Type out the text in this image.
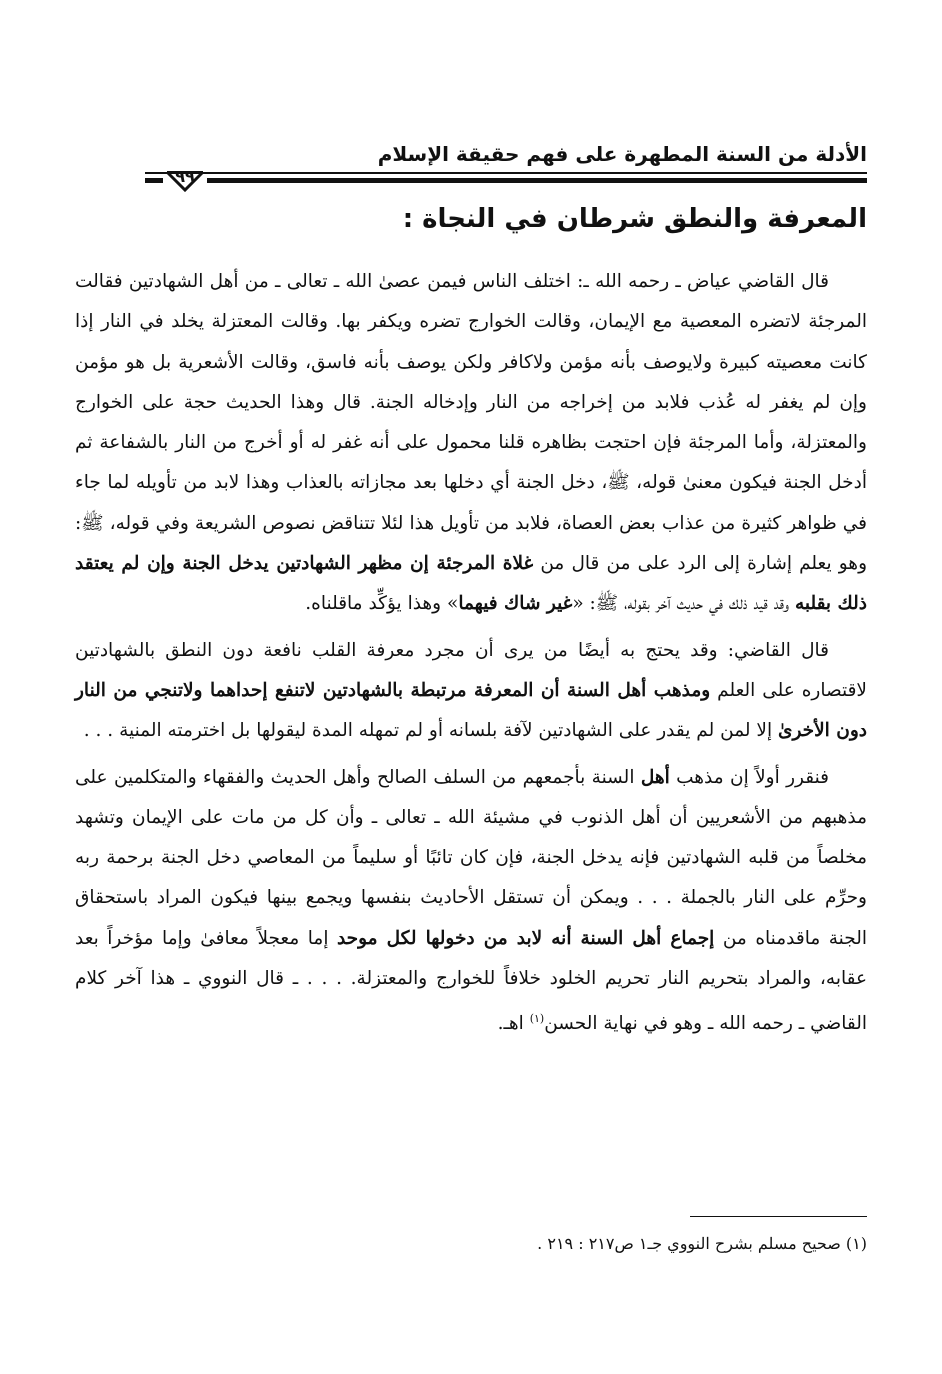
الأدلة من السنة المطهرة على فهم حقيقة الإسلام
٩٩
المعرفة والنطق شرطان في النجاة :

قال القاضي عياض ـ رحمه الله ـ: اختلف الناس فيمن عصىٰ الله ـ تعالى ـ من أهل الشهادتين فقالت المرجئة لاتضره المعصية مع الإيمان، وقالت الخوارج تضره ويكفر بها. وقالت المعتزلة يخلد في النار إذا كانت معصيته كبيرة ولايوصف بأنه مؤمن ولاكافر ولكن يوصف بأنه فاسق، وقالت الأشعرية بل هو مؤمن وإن لم يغفر له عُذب فلابد من إخراجه من النار وإدخاله الجنة. قال وهذا الحديث حجة على الخوارج والمعتزلة، وأما المرجئة فإن احتجت بظاهره قلنا محمول على أنه غفر له أو أخرج من النار بالشفاعة ثم أدخل الجنة فيكون معنىٰ قوله، ﷺ، دخل الجنة أي دخلها بعد مجازاته بالعذاب وهذا لابد من تأويله لما جاء في ظواهر كثيرة من عذاب بعض العصاة، فلابد من تأويل هذا لئلا تتناقض نصوص الشريعة وفي قوله، ﷺ: وهو يعلم إشارة إلى الرد على من قال من غلاة المرجئة إن مظهر الشهادتين يدخل الجنة وإن لم يعتقد ذلك بقلبه وقد قيد ذلك في حديث آخر بقوله، ﷺ: «غير شاك فيهما» وهذا يؤكِّد ماقلناه.

قال القاضي: وقد يحتج به أيضًا من يرى أن مجرد معرفة القلب نافعة دون النطق بالشهادتين لاقتصاره على العلم ومذهب أهل السنة أن المعرفة مرتبطة بالشهادتين لاتنفع إحداهما ولاتنجي من النار دون الأخرىٰ إلا لمن لم يقدر على الشهادتين لآفة بلسانه أو لم تمهله المدة ليقولها بل اخترمته المنية . . .

فنقرر أولاً إن مذهب أهل السنة بأجمعهم من السلف الصالح وأهل الحديث والفقهاء والمتكلمين على مذهبهم من الأشعريين أن أهل الذنوب في مشيئة الله ـ تعالى ـ وأن كل من مات على الإيمان وتشهد مخلصاً من قلبه الشهادتين فإنه يدخل الجنة، فإن كان تائبًا أو سليماً من المعاصي دخل الجنة برحمة ربه وحرِّم على النار بالجملة . . . ويمكن أن تستقل الأحاديث بنفسها ويجمع بينها فيكون المراد باستحقاق الجنة ماقدمناه من إجماع أهل السنة أنه لابد من دخولها لكل موحد إما معجلاً معافىٰ وإما مؤخراً بعد عقابه، والمراد بتحريم النار تحريم الخلود خلافاً للخوارج والمعتزلة. . . . ـ قال النووي ـ هذا آخر كلام القاضي ـ رحمه الله ـ وهو في نهاية الحسن$^{(١)}$ اهـ.

(١) صحيح مسلم بشرح النووي جـ١ ص٢١٧ : ٢١٩ .
